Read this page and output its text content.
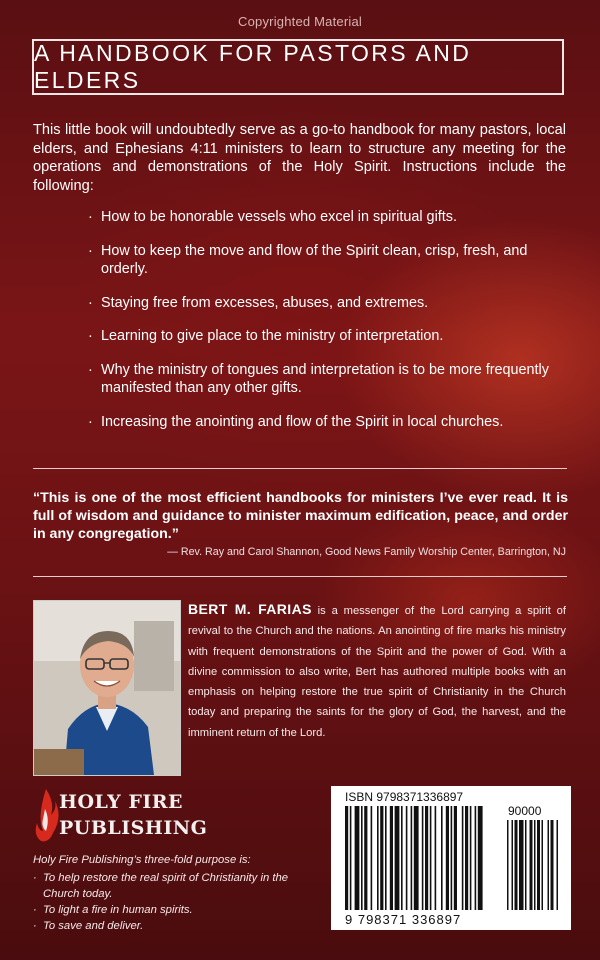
Copyrighted Material
A HANDBOOK FOR PASTORS AND ELDERS
This little book will undoubtedly serve as a go-to handbook for many pastors, local elders, and Ephesians 4:11 ministers to learn to structure any meeting for the operations and demonstrations of the Holy Spirit. Instructions include the following:
· How to be honorable vessels who excel in spiritual gifts.
· How to keep the move and flow of the Spirit clean, crisp, fresh, and orderly.
· Staying free from excesses, abuses, and extremes.
· Learning to give place to the ministry of interpretation.
· Why the ministry of tongues and interpretation is to be more frequently manifested than any other gifts.
· Increasing the anointing and flow of the Spirit in local churches.
“This is one of the most efficient handbooks for ministers I’ve ever read. It is full of wisdom and guidance to minister maximum edification, peace, and order in any congregation.”
— Rev. Ray and Carol Shannon, Good News Family Worship Center, Barrington, NJ
BERT M. FARIAS is a messenger of the Lord carrying a spirit of revival to the Church and the nations. An anointing of fire marks his ministry with frequent demonstrations of the Spirit and the power of God. With a divine commission to also write, Bert has authored multiple books with an emphasis on helping restore the true spirit of Christianity in the Church today and preparing the saints for the glory of God, the harvest, and the imminent return of the Lord.
HOLY FIRE
PUBLISHING
Holy Fire Publishing’s three-fold purpose is:
· To help restore the real spirit of Christianity in the Church today.
· To light a fire in human spirits.
· To save and deliver.
ISBN 9798371336897
90000
9 798371 336897
